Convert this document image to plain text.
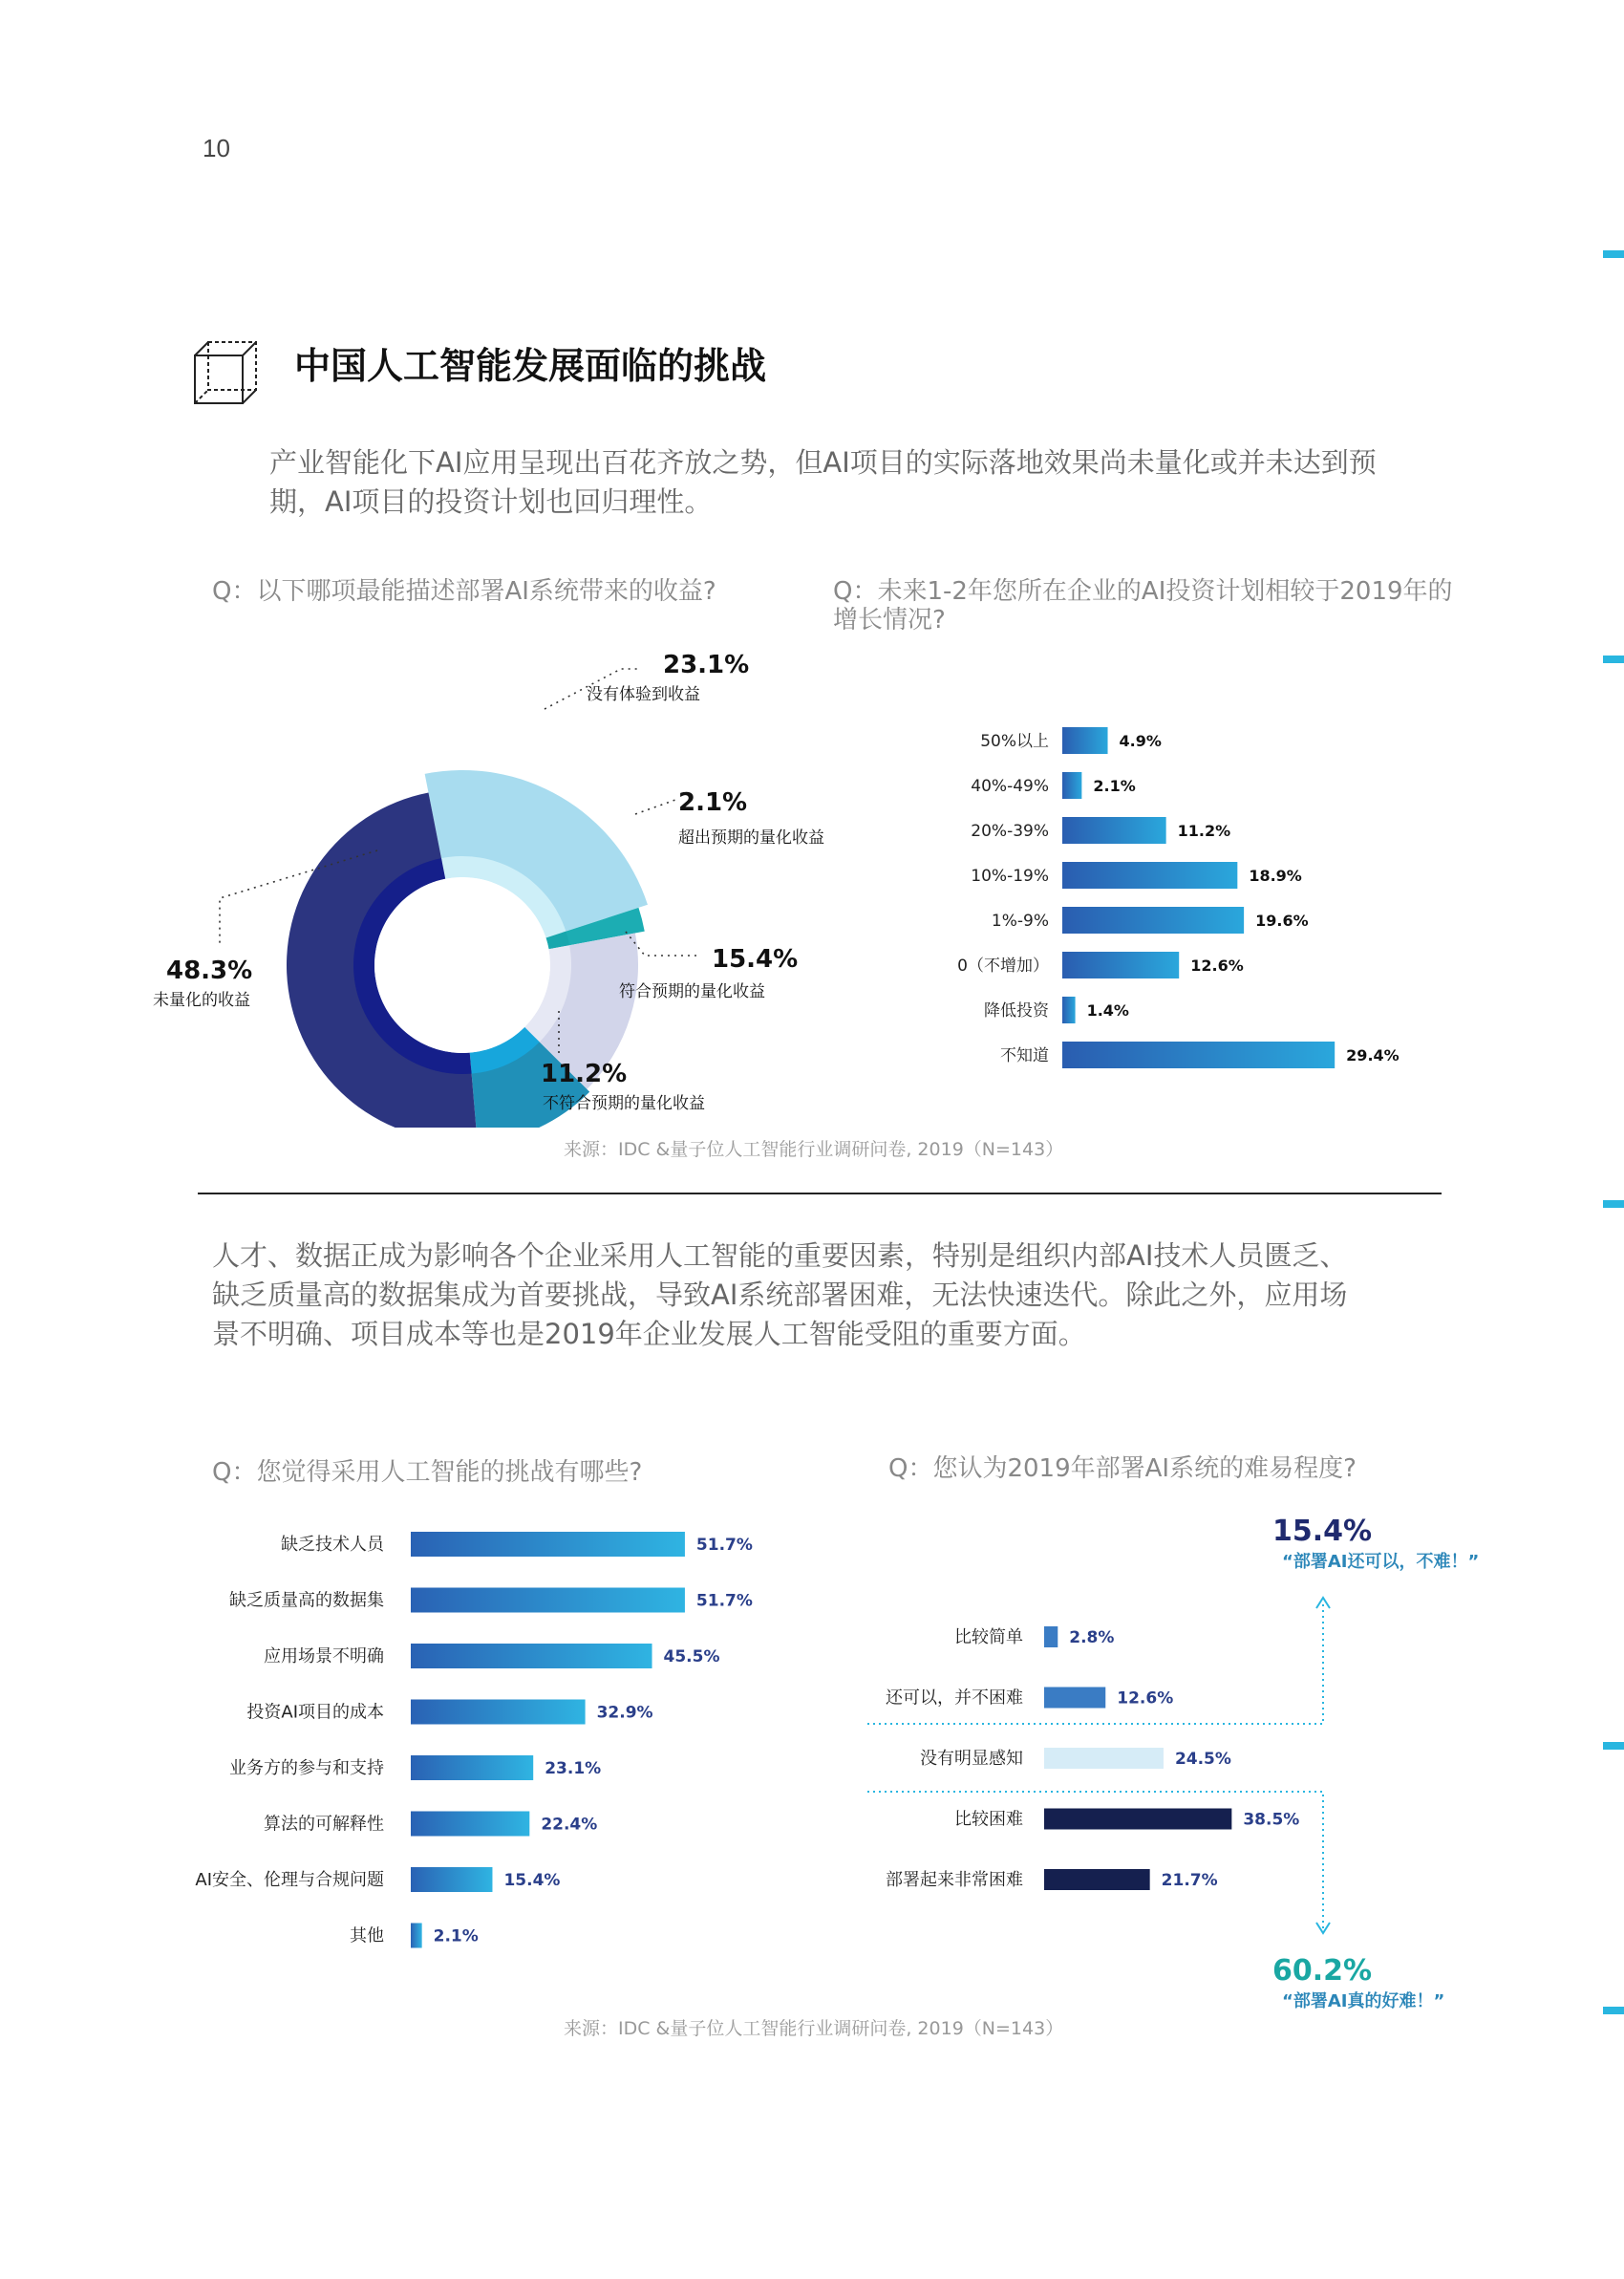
10
中国人工智能发展面临的挑战
产业智能化下AI应用呈现出百花齐放之势，但AI项目的实际落地效果尚未量化或并未达到预
期，AI项目的投资计划也回归理性。
Q：以下哪项最能描述部署AI系统带来的收益?	Q：未来1-2年您所在企业的AI投资计划相较于2019年的
增长情况?
23.1%
没有体验到收益
2.1%
超出预期的量化收益
15.4%
符合预期的量化收益
11.2%
不符合预期的量化收益
48.3%
未量化的收益
50%以上	4.9%
40%-49%	2.1%
20%-39%	11.2%
10%-19%	18.9%
1%-9%	19.6%
0（不增加）	12.6%
降低投资 1.4%
不知道	29.4%
来源：IDC &量子位人工智能行业调研问卷, 2019（N=143）
人才、数据正成为影响各个企业采用人工智能的重要因素，特别是组织内部AI技术人员匮乏、
缺乏质量高的数据集成为首要挑战，导致AI系统部署困难，无法快速迭代。除此之外，应用场
景不明确、项目成本等也是2019年企业发展人工智能受阻的重要方面。
Q：您觉得采用人工智能的挑战有哪些?	Q：您认为2019年部署AI系统的难易程度?
缺乏技术人员	51.7%
缺乏质量高的数据集	51.7%
应用场景不明确	45.5%
投资AI项目的成本	32.9%
业务方的参与和支持	23.1%
算法的可解释性	22.4%
AI安全、伦理与合规问题	15.4%
其他	2.1%
比较简单	2.8%
还可以，并不困难	12.6%
没有明显感知	24.5%
比较困难	38.5%
部署起来非常困难	21.7%
15.4%
“部署AI还可以，不难！”
60.2%
“部署AI真的好难！”
来源：IDC &量子位人工智能行业调研问卷, 2019（N=143）
